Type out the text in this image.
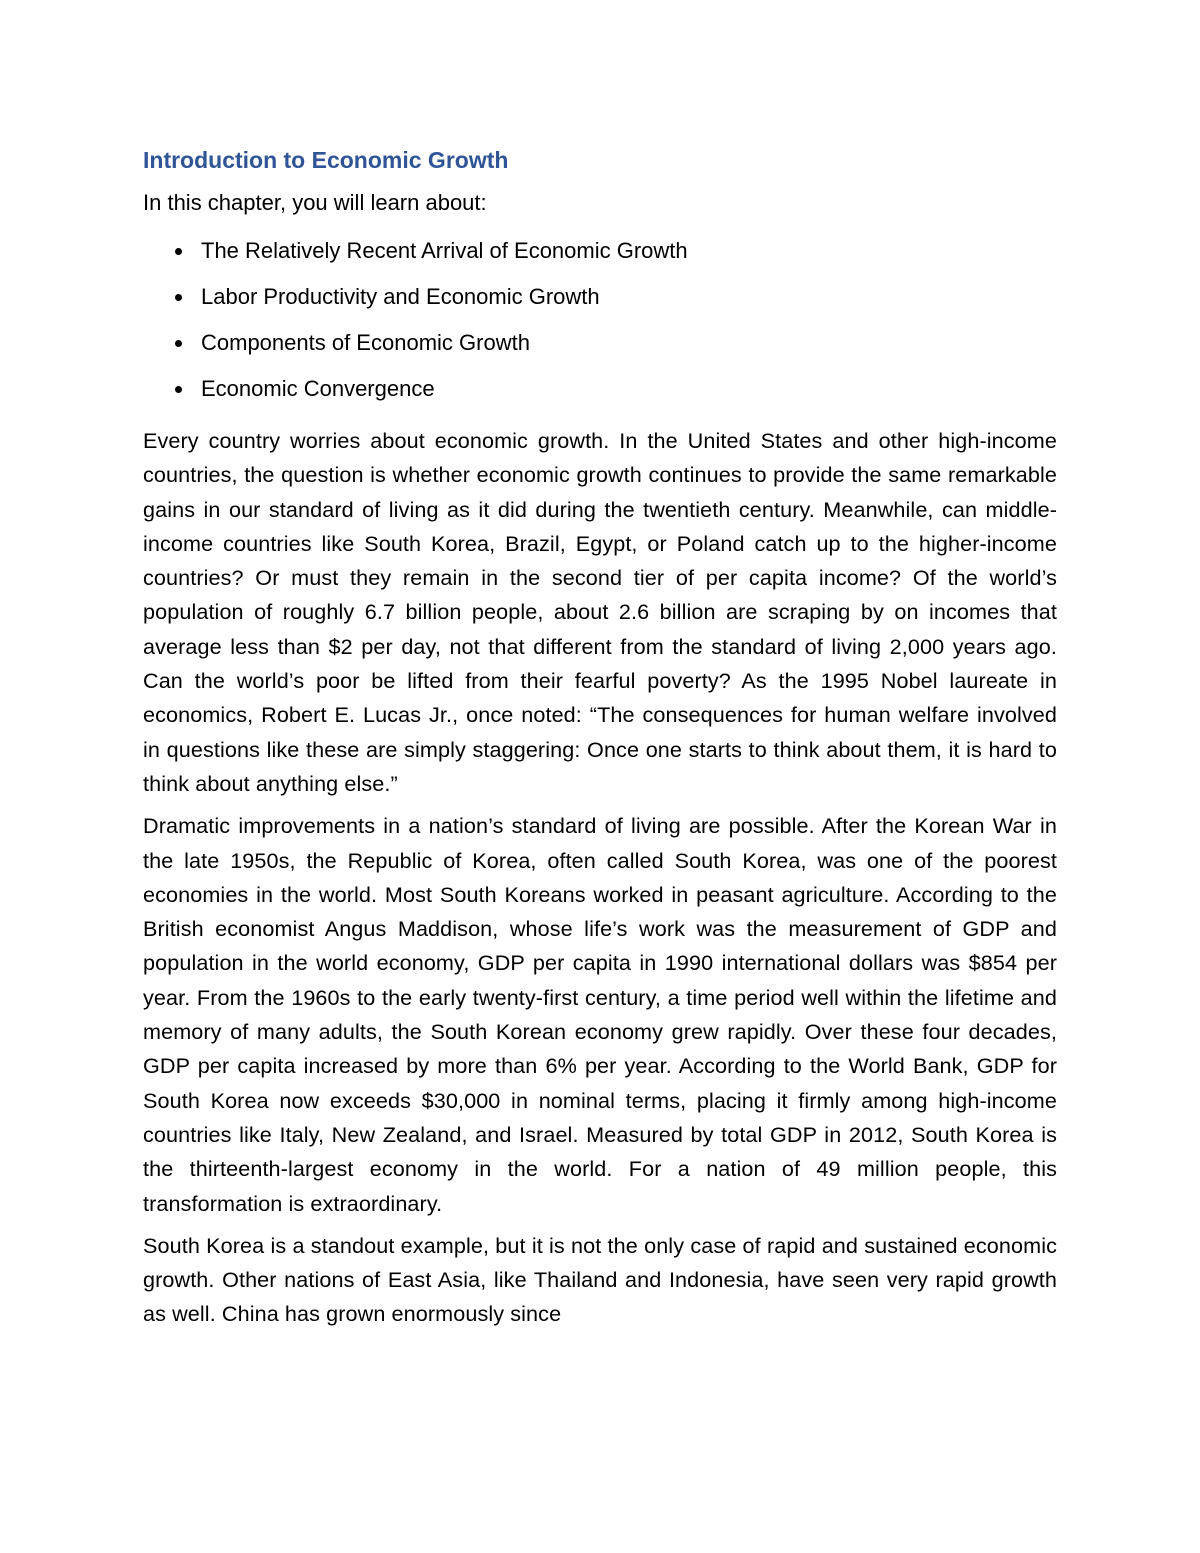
Introduction to Economic Growth
In this chapter, you will learn about:
The Relatively Recent Arrival of Economic Growth
Labor Productivity and Economic Growth
Components of Economic Growth
Economic Convergence

Every country worries about economic growth. In the United States and other high-income countries, the question is whether economic growth continues to provide the same remarkable gains in our standard of living as it did during the twentieth century. Meanwhile, can middle-income countries like South Korea, Brazil, Egypt, or Poland catch up to the higher-income countries? Or must they remain in the second tier of per capita income? Of the world’s population of roughly 6.7 billion people, about 2.6 billion are scraping by on incomes that average less than $2 per day, not that different from the standard of living 2,000 years ago. Can the world’s poor be lifted from their fearful poverty? As the 1995 Nobel laureate in economics, Robert E. Lucas Jr., once noted: “The consequences for human welfare involved in questions like these are simply staggering: Once one starts to think about them, it is hard to think about anything else.”

Dramatic improvements in a nation’s standard of living are possible. After the Korean War in the late 1950s, the Republic of Korea, often called South Korea, was one of the poorest economies in the world. Most South Koreans worked in peasant agriculture. According to the British economist Angus Maddison, whose life’s work was the measurement of GDP and population in the world economy, GDP per capita in 1990 international dollars was $854 per year. From the 1960s to the early twenty-first century, a time period well within the lifetime and memory of many adults, the South Korean economy grew rapidly. Over these four decades, GDP per capita increased by more than 6% per year. According to the World Bank, GDP for South Korea now exceeds $30,000 in nominal terms, placing it firmly among high-income countries like Italy, New Zealand, and Israel. Measured by total GDP in 2012, South Korea is the thirteenth-largest economy in the world. For a nation of 49 million people, this transformation is extraordinary.

South Korea is a standout example, but it is not the only case of rapid and sustained economic growth. Other nations of East Asia, like Thailand and Indonesia, have seen very rapid growth as well. China has grown enormously since
